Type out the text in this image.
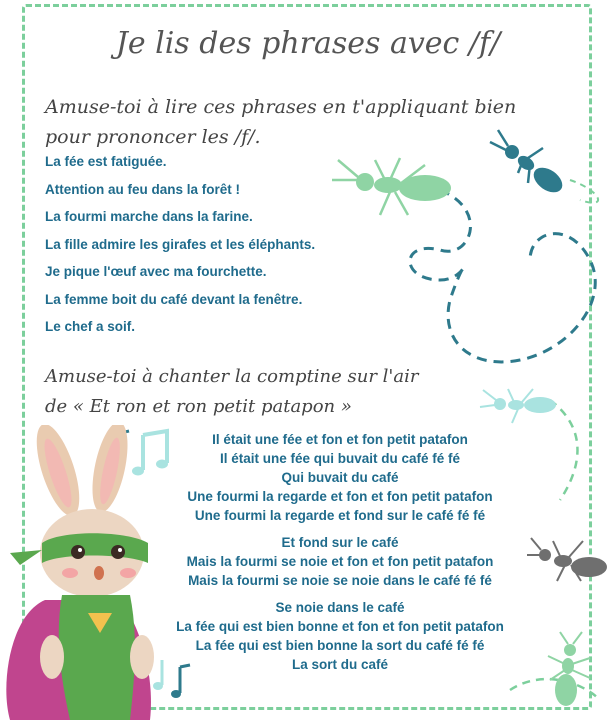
Je lis des phrases avec /f/
Amuse-toi à lire ces phrases en t'appliquant bien pour prononcer les /f/.
La fée est fatiguée.
Attention au feu dans la forêt !
La fourmi marche dans la farine.
La fille admire les girafes et les éléphants.
Je pique l'œuf avec ma fourchette.
La femme boit du café devant la fenêtre.
Le chef a soif.
Amuse-toi à chanter la comptine sur l'air
de « Et ron et ron petit patapon »
Il était une fée et fon et fon petit patafon
Il était une fée qui buvait du café fé fé
Qui buvait du café
Une fourmi la regarde et fon et fon petit patafon
Une fourmi la regarde et fond sur le café fé fé
Et fond sur le café
Mais la fourmi se noie et fon et fon petit patafon
Mais la fourmi se noie se noie dans le café fé fé
Se noie dans le café
La fée qui est bien bonne et fon et fon petit patafon
La fée qui est bien bonne la sort du café fé fé
La sort du café
